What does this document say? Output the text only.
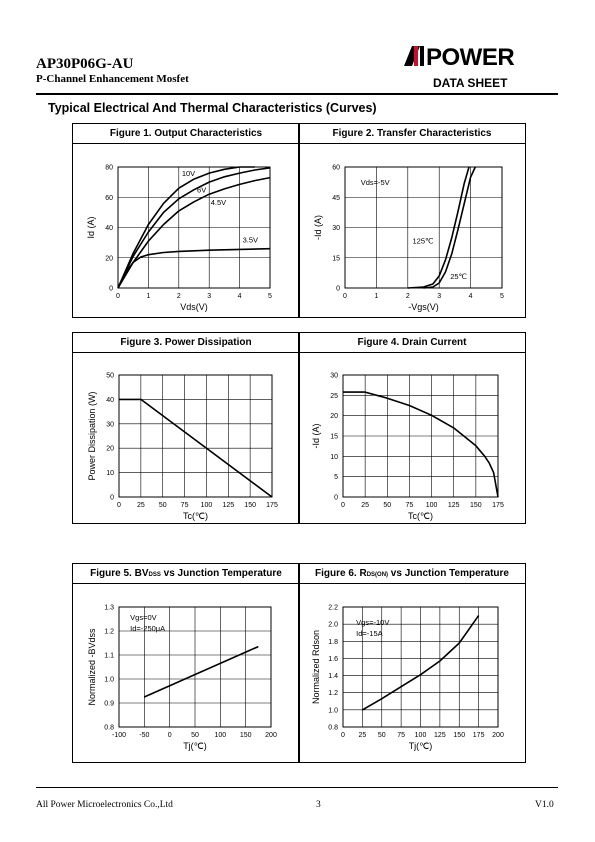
AP30P06G-AU
P-Channel Enhancement Mosfet
POWER
DATA SHEET
Typical Electrical And Thermal Characteristics (Curves)
Figure 1. Output Characteristics
0	1	2	3	4	5
0
20
40
60
80
Vds(V)
Id (A)
10V
6V
4.5V
3.5V
Figure 2. Transfer Characteristics
0	1	2	3	4	5
0
15
30
45
60
-Vgs(V)
-Id (A)
Vds=-5V
125℃
25℃
Figure 3. Power Dissipation
0 25 50 75 100 125 150 175
0
10
20
30
40
50
Tc(℃)
Power Dissipation (W)
Figure 4. Drain Current
0 25 50 75 100 125 150 175
0
5
10
15
20
25
30
Tc(℃)
-Id (A)
Figure 5. BVDSS vs Junction Temperature
-100 -50	0	50 100 150 200
0.8
0.9
1.0
1.1
1.2
1.3
Tj(℃)
Normalized -BVdss
Vgs=0V
Id=-250μA
Figure 6. RDS(ON) vs Junction Temperature
0 25 50 75 100 125 150 175 200
0.8
1.0
1.2
1.4
1.6
1.8
2.0
2.2
Tj(℃)
Normalized Rdson
Vgs=-10V
Id=-15A
All Power Microelectronics Co.,Ltd	3	V1.0
